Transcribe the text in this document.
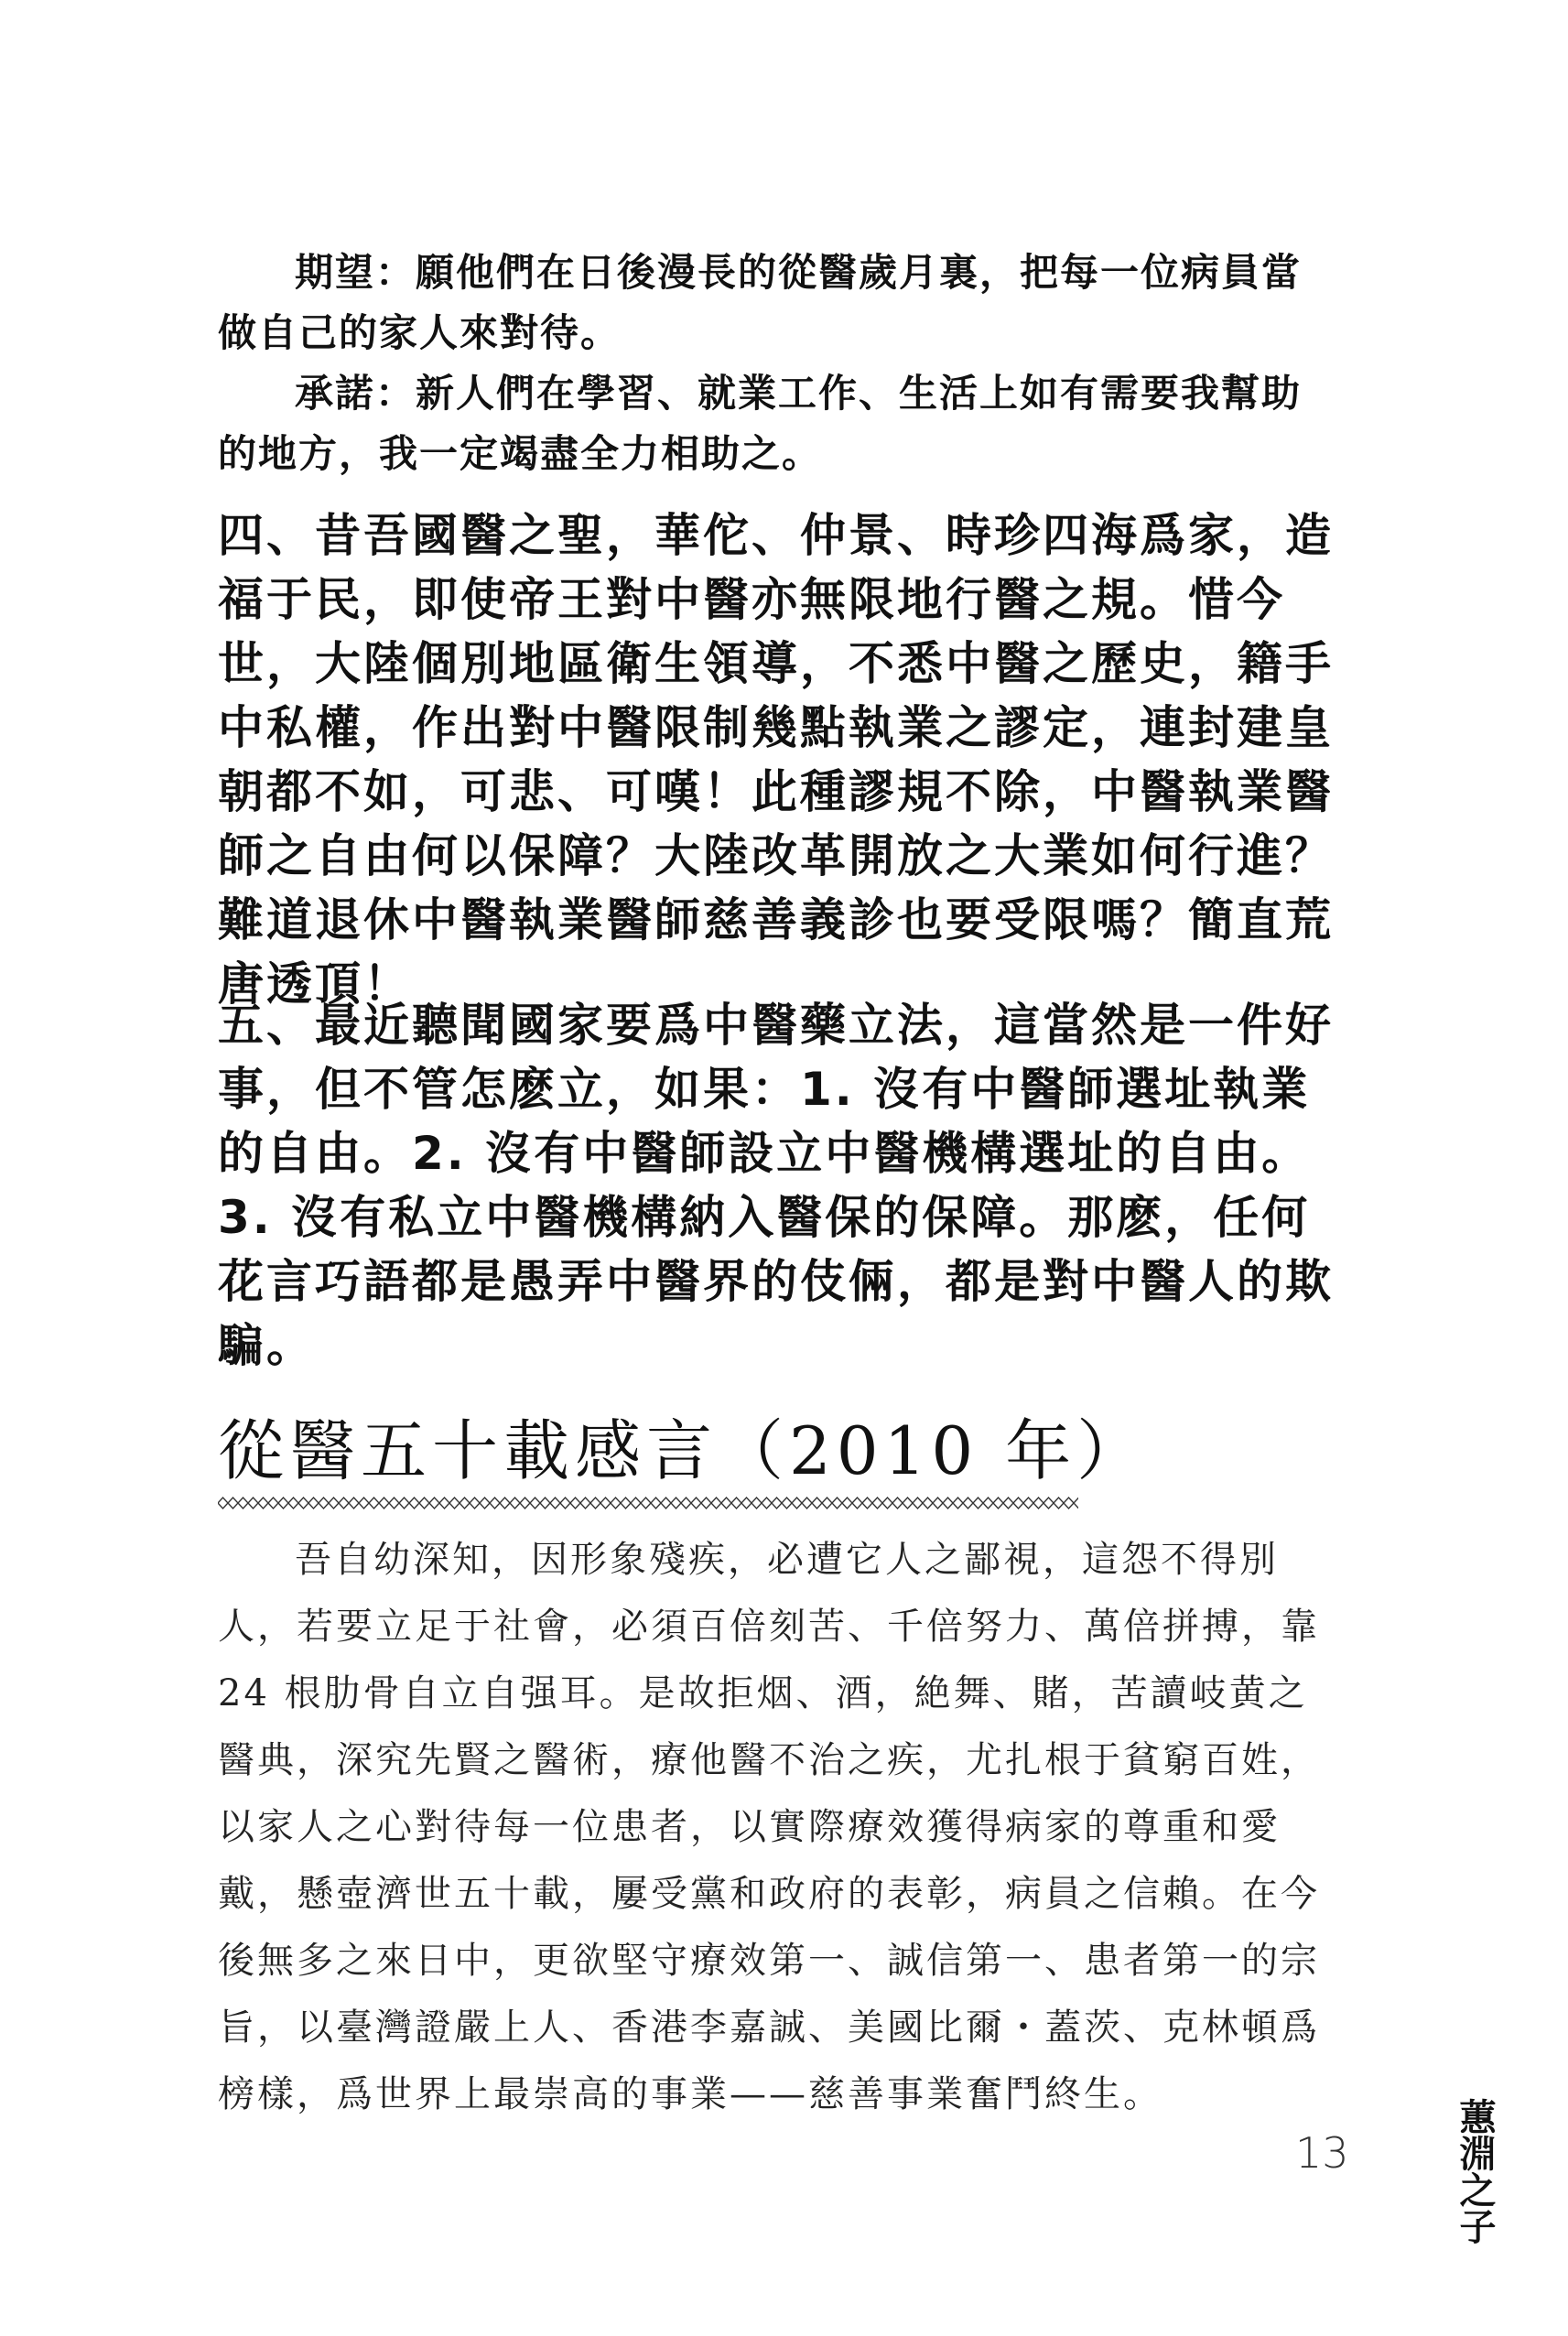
期望：願他們在日後漫長的從醫歲月裏，把每一位病員當做自己的家人來對待。

承諾：新人們在學習、就業工作、生活上如有需要我幫助的地方，我一定竭盡全力相助之。

四、昔吾國醫之聖，華佗、仲景、時珍四海爲家，造福于民，即使帝王對中醫亦無限地行醫之規。惜今世，大陸個別地區衛生領導，不悉中醫之歷史，籍手中私權，作出對中醫限制幾點執業之謬定，連封建皇朝都不如，可悲、可嘆！此種謬規不除，中醫執業醫師之自由何以保障？大陸改革開放之大業如何行進？難道退休中醫執業醫師慈善義診也要受限嗎？簡直荒唐透頂！

五、最近聽聞國家要爲中醫藥立法，這當然是一件好事，但不管怎麽立，如果：1. 沒有中醫師選址執業的自由。2. 沒有中醫師設立中醫機構選址的自由。3. 沒有私立中醫機構納入醫保的保障。那麽，任何花言巧語都是愚弄中醫界的伎倆，都是對中醫人的欺騙。

從醫五十載感言（2010 年）

吾自幼深知，因形象殘疾，必遭它人之鄙視，這怨不得別人，若要立足于社會，必須百倍刻苦、千倍努力、萬倍拼搏，靠 24 根肋骨自立自强耳。是故拒烟、酒，絶舞、賭，苦讀岐黄之醫典，深究先賢之醫術，療他醫不治之疾，尤扎根于貧窮百姓，以家人之心對待每一位患者，以實際療效獲得病家的尊重和愛戴，懸壺濟世五十載，屢受黨和政府的表彰，病員之信賴。在今後無多之來日中，更欲堅守療效第一、誠信第一、患者第一的宗旨，以臺灣證嚴上人、香港李嘉誠、美國比爾・蓋茨、克林頓爲榜樣，爲世界上最崇高的事業——慈善事業奮鬥終生。

蕙淵之子
13
